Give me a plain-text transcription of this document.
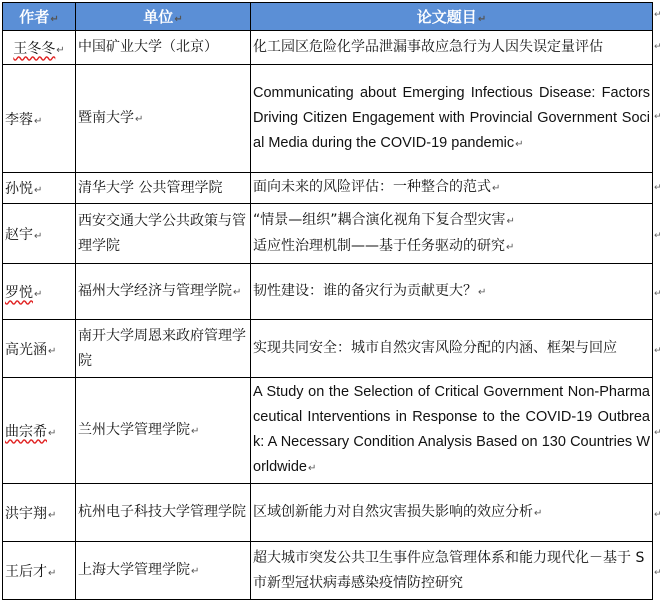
作者↵	单位↵	论文题目↵
王冬冬↵	中国矿业大学（北京）	化工园区危险化学品泄漏事故应急行为人因失误定量评估
李蓉↵	暨南大学↵	Communicating about Emerging Infectious Disease: Factors Driving Citizen Engagement with Provincial Government Social Media during the COVID-19 pandemic↵
孙悦↵	清华大学 公共管理学院	面向未来的风险评估：一种整合的范式↵
赵宇↵	西安交通大学公共政策与管理学院	“情景—组织”耦合演化视角下复合型灾害↵
适应性治理机制——基于任务驱动的研究↵
罗悦↵	福州大学经济与管理学院↵	韧性建设：谁的备灾行为贡献更大？↵
高光涵↵	南开大学周恩来政府管理学院	实现共同安全：城市自然灾害风险分配的内涵、框架与回应
曲宗希↵	兰州大学管理学院↵	A Study on the Selection of Critical Government Non-Pharmaceutical Interventions in Response to the COVID-19 Outbreak: A Necessary Condition Analysis Based on 130 Countries Worldwide↵
洪宇翔↵	杭州电子科技大学管理学院	区域创新能力对自然灾害损失影响的效应分析↵
王后才↵	上海大学管理学院↵	超大城市突发公共卫生事件应急管理体系和能力现代化－基于 S 市新型冠状病毒感染疫情防控研究
↵
↵
↵
↵
↵
↵
↵
↵
↵
↵
